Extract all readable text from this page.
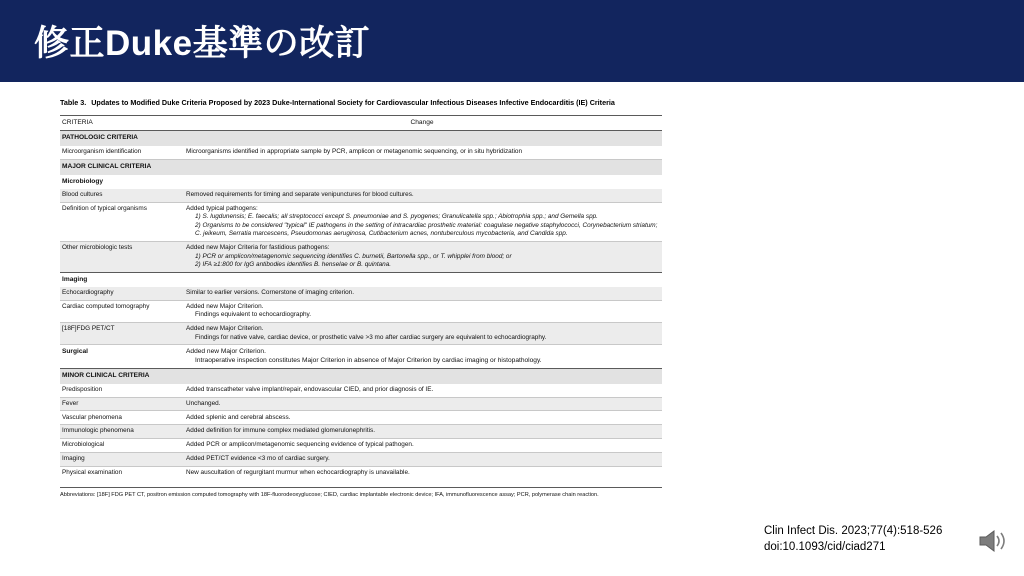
修正Duke基準の改訂
Table 3. Updates to Modified Duke Criteria Proposed by 2023 Duke-International Society for Cardiovascular Infectious Diseases Infective Endocarditis (IE) Criteria
CRITERIA	Change
PATHOLOGIC CRITERIA	
Microorganism identification	Microorganisms identified in appropriate sample by PCR, amplicon or metagenomic sequencing, or in situ hybridization
MAJOR CLINICAL CRITERIA	
Microbiology	
Blood cultures	Removed requirements for timing and separate venipunctures for blood cultures.
Definition of typical organisms	Added typical pathogens:
1) S. lugdunensis; E. faecalis; all streptococci except S. pneumoniae and S. pyogenes; Granulicatella spp.; Abiotrophia spp.; and Gemella spp.
2) Organisms to be considered "typical" IE pathogens in the setting of intracardiac prosthetic material: coagulase negative staphylococci, Corynebacterium striatum; C. jeikeum, Serratia marcescens, Pseudomonas aeruginosa, Cutibacterium acnes, nontuberculous mycobacteria, and Candida spp.

Other microbiologic tests	Added new Major Criteria for fastidious pathogens:
1) PCR or amplicon/metagenomic sequencing identifies C. burnetii, Bartonella spp., or T. whipplei from blood; or
2) IFA ≥1:800 for IgG antibodies identifies B. henselae or B. quintana.

Imaging	
Echocardiography	Similar to earlier versions. Cornerstone of imaging criterion.
Cardiac computed tomography	Added new Major Criterion.
Findings equivalent to echocardiography.

[18F]FDG PET/CT	Added new Major Criterion.
Findings for native valve, cardiac device, or prosthetic valve >3 mo after cardiac surgery are equivalent to echocardiography.

Surgical	Added new Major Criterion.
Intraoperative inspection constitutes Major Criterion in absence of Major Criterion by cardiac imaging or histopathology.

MINOR CLINICAL CRITERIA	
Predisposition	Added transcatheter valve implant/repair, endovascular CIED, and prior diagnosis of IE.
Fever	Unchanged.
Vascular phenomena	Added splenic and cerebral abscess.
Immunologic phenomena	Added definition for immune complex mediated glomerulonephritis.
Microbiological	Added PCR or amplicon/metagenomic sequencing evidence of typical pathogen.
Imaging	Added PET/CT evidence <3 mo of cardiac surgery.
Physical examination	New auscultation of regurgitant murmur when echocardiography is unavailable.
Abbreviations: [18F] FDG PET CT, positron emission computed tomography with 18F-fluorodeoxyglucose; CIED, cardiac implantable electronic device; IFA, immunofluorescence assay; PCR, polymerase chain reaction.
Clin Infect Dis. 2023;77(4):518-526
doi:10.1093/cid/ciad271
